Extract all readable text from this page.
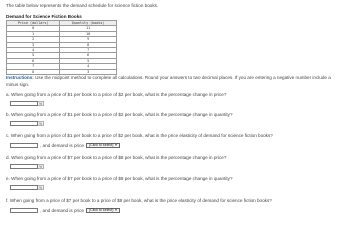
The table below represents the demand schedule for science fiction books.
Demand for Science Fiction Books
Price (dollars)	Quantity (books)
0	11
1	10
2	9
3	8
4	7
5	6
6	5
7	4
8	3
Instructions: Use the midpoint method to complete all calculations. Round your answers to two decimal places. If you are entering a negative number include a minus sign.
a. When going from a price of $1 per book to a price of $2 per book, what is the percentage change in price?
%
b. When going from a price of $1 per book to a price of $2 per book, what is the percentage change in quantity?
%
c. When going from a price of $1 per book to a price of $2 per book, what is the price elasticity of demand for science fiction books?
, and demand is price (Click to select) ▼
d. When going from a price of $7 per book to a price of $8 per book, what is the percentage change in price?
%
e. When going from a price of $7 per book to a price of $8 per book, what is the percentage change in quantity?
%
f. When going from a price of $7 per book to a price of $8 per book, what is the price elasticity of demand for science fiction books?
, and demand is price (Click to select) ▼
